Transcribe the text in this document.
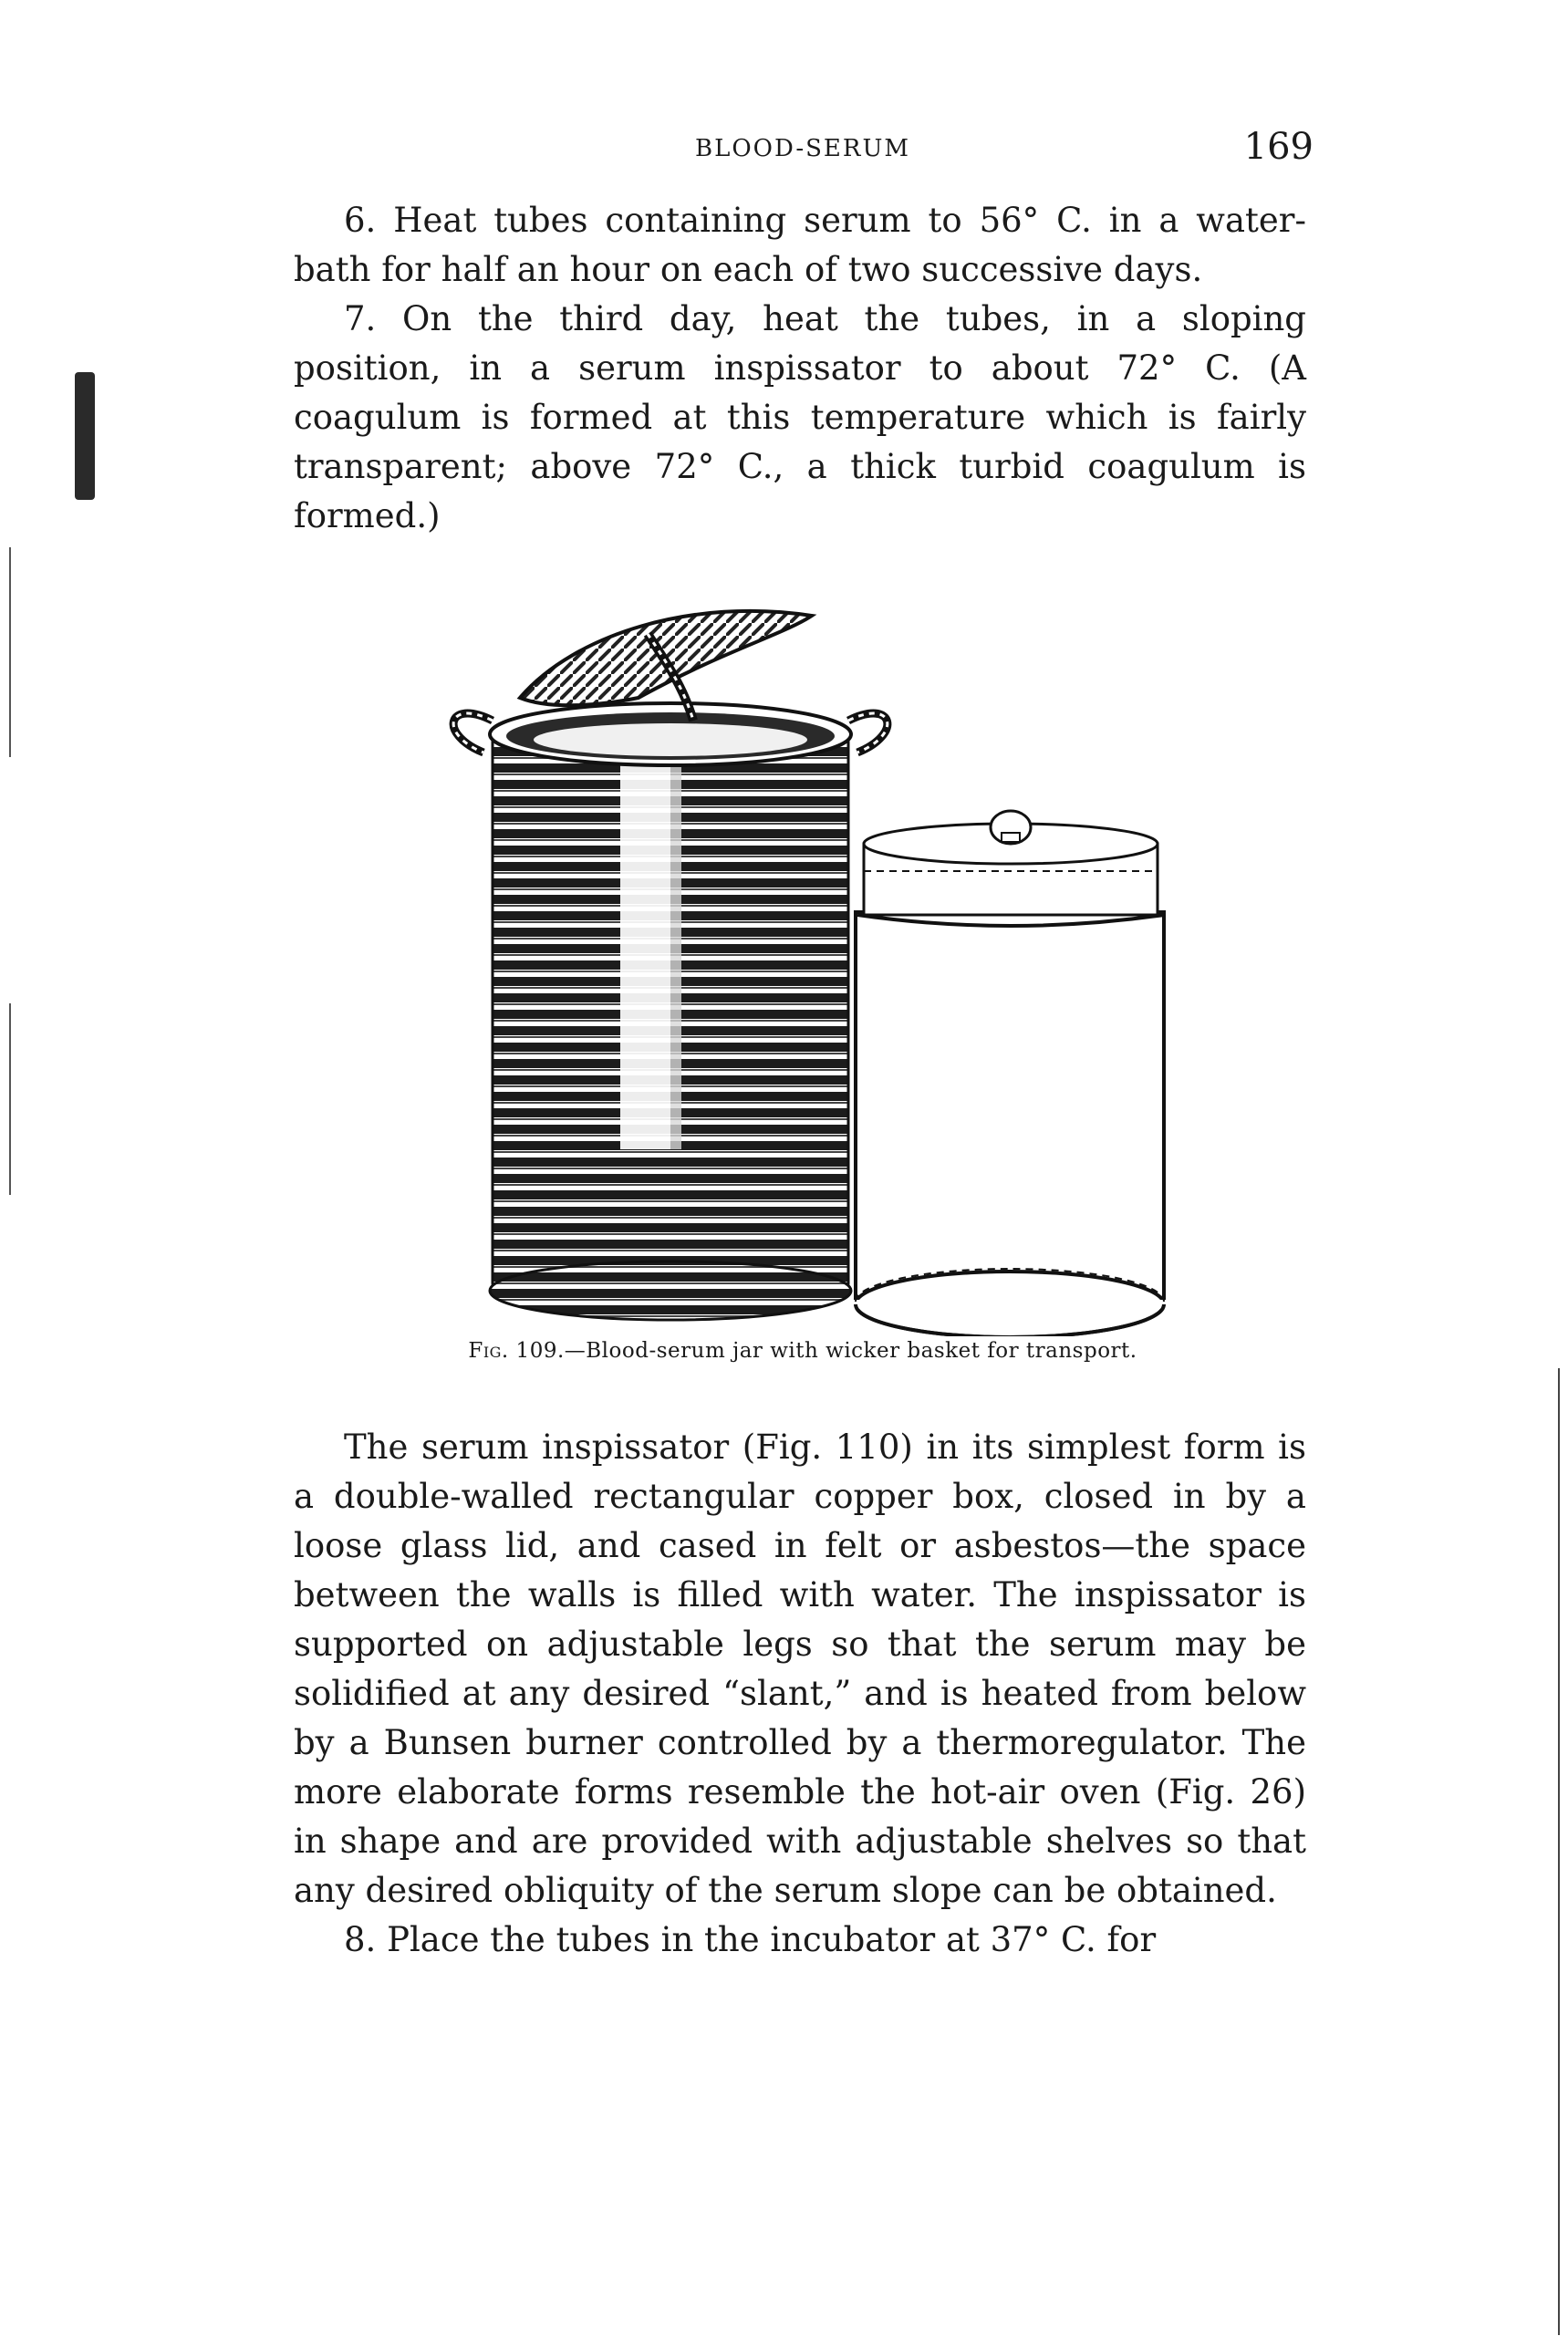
BLOOD-SERUM	169

6. Heat tubes containing serum to 56° C. in a water-bath for half an hour on each of two successive days.

7. On the third day, heat the tubes, in a sloping position, in a serum inspissator to about 72° C. (A coagulum is formed at this temperature which is fairly transparent; above 72° C., a thick turbid coagulum is formed.)

Fig. 109.—Blood-serum jar with wicker basket for transport.

The serum inspissator (Fig. 110) in its simplest form is a double-walled rectangular copper box, closed in by a loose glass lid, and cased in felt or asbestos—the space between the walls is filled with water. The inspissator is supported on adjustable legs so that the serum may be solidified at any desired “slant,” and is heated from below by a Bunsen burner controlled by a thermoregulator. The more elaborate forms resemble the hot-air oven (Fig. 26) in shape and are provided with adjustable shelves so that any desired obliquity of the serum slope can be obtained.

8. Place the tubes in the incubator at 37° C. for
